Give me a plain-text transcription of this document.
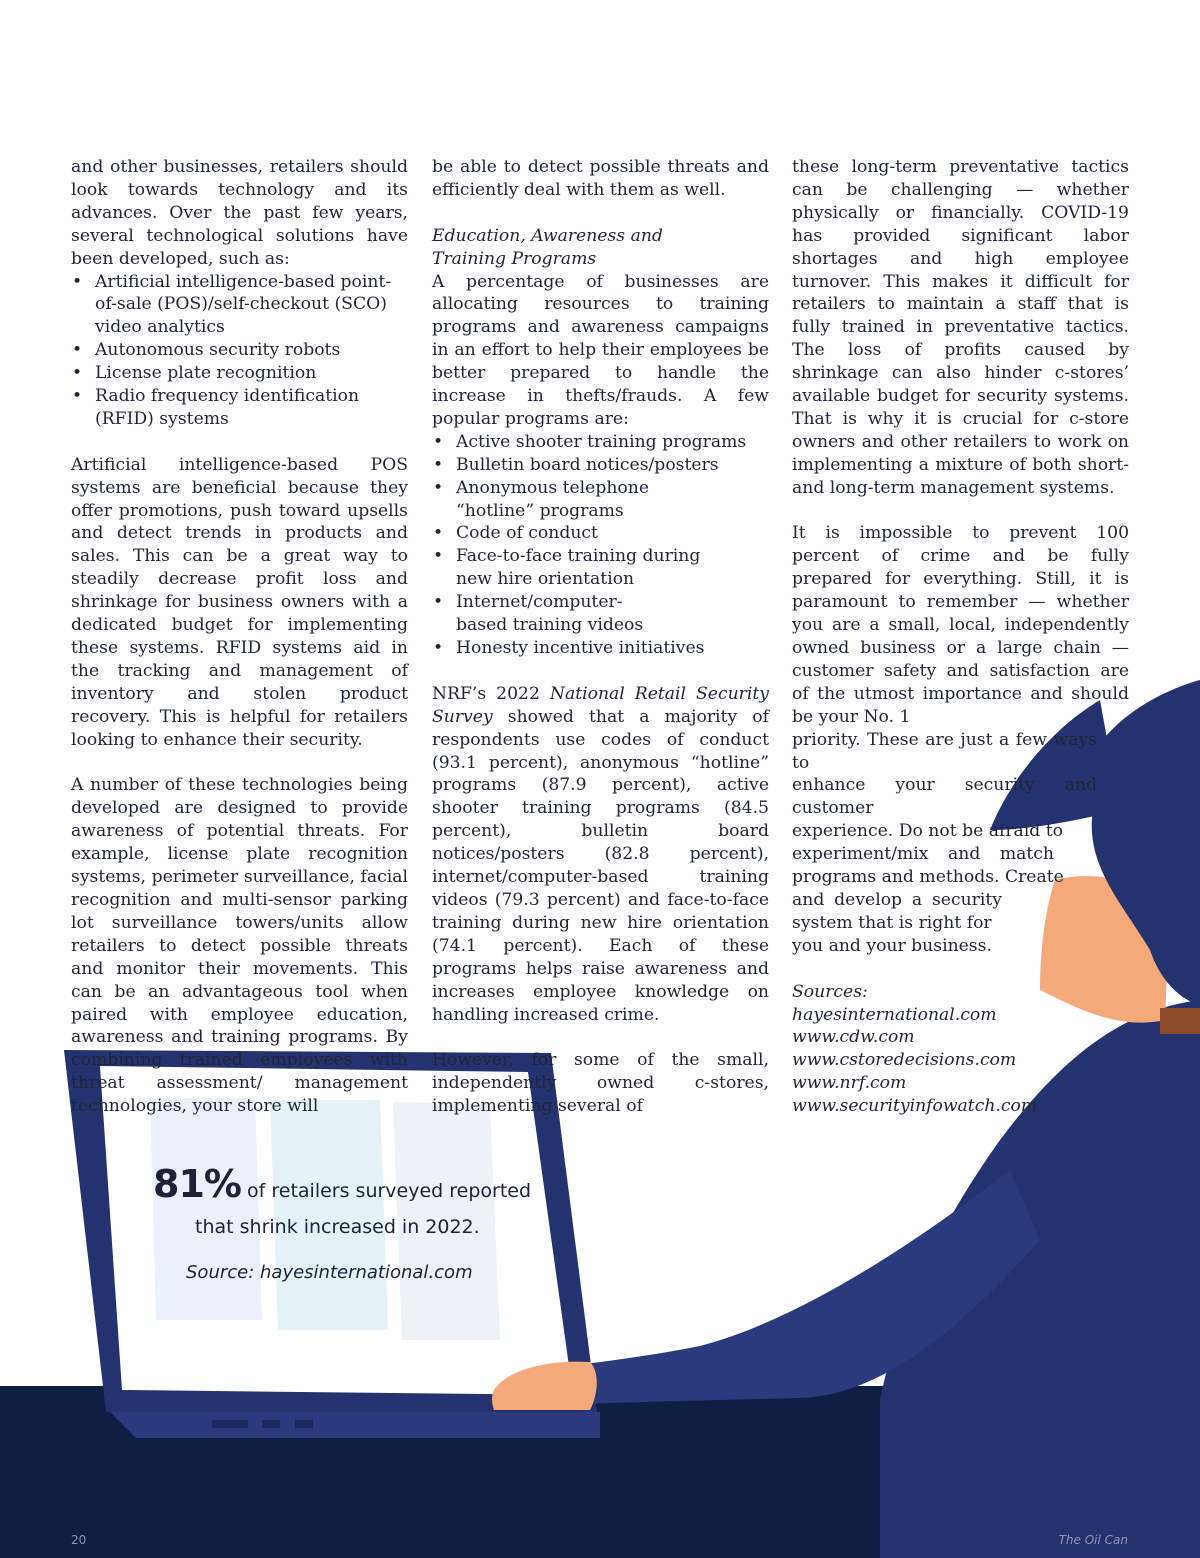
and other businesses, retailers should look towards technology and its advances. Over the past few years, several technological solutions have been developed, such as:

• Artificial intelligence-based point-of-sale (POS)/self-checkout (SCO) video analytics
• Autonomous security robots
• License plate recognition
• Radio frequency identification (RFID) systems

Artificial intelligence-based POS systems are beneficial because they offer promotions, push toward upsells and detect trends in products and sales. This can be a great way to steadily decrease profit loss and shrinkage for business owners with a dedicated budget for implementing these systems. RFID systems aid in the tracking and management of inventory and stolen product recovery. This is helpful for retailers looking to enhance their security.

A number of these technologies being developed are designed to provide awareness of potential threats. For example, license plate recognition systems, perimeter surveillance, facial recognition and multi-sensor parking lot surveillance towers/units allow retailers to detect possible threats and monitor their movements. This can be an advantageous tool when paired with employee education, awareness and training programs. By combining trained employees with threat assessment/ management technologies, your store will

be able to detect possible threats and efficiently deal with them as well.

Education, Awareness and
Training Programs

A percentage of businesses are allocating resources to training programs and awareness campaigns in an effort to help their employees be better prepared to handle the increase in thefts/frauds. A few popular programs are:

• Active shooter training programs
• Bulletin board notices/posters
• Anonymous telephone “hotline” programs
• Code of conduct
• Face-to-face training during new hire orientation
• Internet/computer-based training videos
• Honesty incentive initiatives

NRF’s 2022 National Retail Security Survey showed that a majority of respondents use codes of conduct (93.1 percent), anonymous “hotline” programs (87.9 percent), active shooter training programs (84.5 percent), bulletin board notices/posters (82.8 percent), internet/computer-based training videos (79.3 percent) and face-to-face training during new hire orientation (74.1 percent). Each of these programs helps raise awareness and increases employee knowledge on handling increased crime.

However, for some of the small, independently owned c-stores, implementing several of

these long-term preventative tactics can be challenging — whether physically or financially. COVID-19 has provided significant labor shortages and high employee turnover. This makes it difficult for retailers to maintain a staff that is fully trained in preventative tactics. The loss of profits caused by shrinkage can also hinder c-stores’ available budget for security systems. That is why it is crucial for c-store owners and other retailers to work on implementing a mixture of both short- and long-term management systems.

It is impossible to prevent 100 percent of crime and be fully prepared for everything. Still, it is paramount to remember — whether you are a small, local, independently owned business or a large chain — customer safety and satisfaction are of the utmost importance and should be your No. 1

priority. These are just a few ways to
enhance your security and customer
experience. Do not be afraid to
experiment/mix and match
programs and methods. Create
and develop a security
system that is right for
you and your business.
Sources:
hayesinternational.com
www.cdw.com
www.cstoredecisions.com
www.nrf.com
www.securityinfowatch.com
81% of retailers surveyed reported
that shrink increased in 2022.
Source: hayesinternational.com
20	The Oil Can
